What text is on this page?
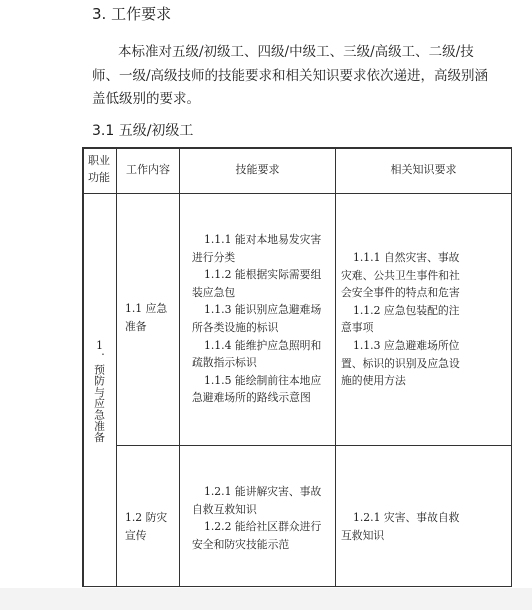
3. 工作要求
本标准对五级/初级工、四级/中级工、三级/高级工、二级/技
师、一级/高级技师的技能要求和相关知识要求依次递进，高级别涵
盖低级别的要求。
3.1 五级/初级工
职业
功能
工作内容	技能要求	相关知识要求
1．预防与应急准备
1.1 应急
准备
1.1.1 能对本地易发灾害
进行分类
1.1.2 能根据实际需要组
装应急包
1.1.3 能识别应急避难场
所各类设施的标识
1.1.4 能维护应急照明和
疏散指示标识
1.1.5 能绘制前往本地应
急避难场所的路线示意图
1.1.1 自然灾害、事故
灾难、公共卫生事件和社
会安全事件的特点和危害
1.1.2 应急包装配的注
意事项
1.1.3 应急避难场所位
置、标识的识别及应急设
施的使用方法
1.2 防灾
宣传
1.2.1 能讲解灾害、事故
自救互救知识
1.2.2 能给社区群众进行
安全和防灾技能示范
1.2.1 灾害、事故自救
互救知识
